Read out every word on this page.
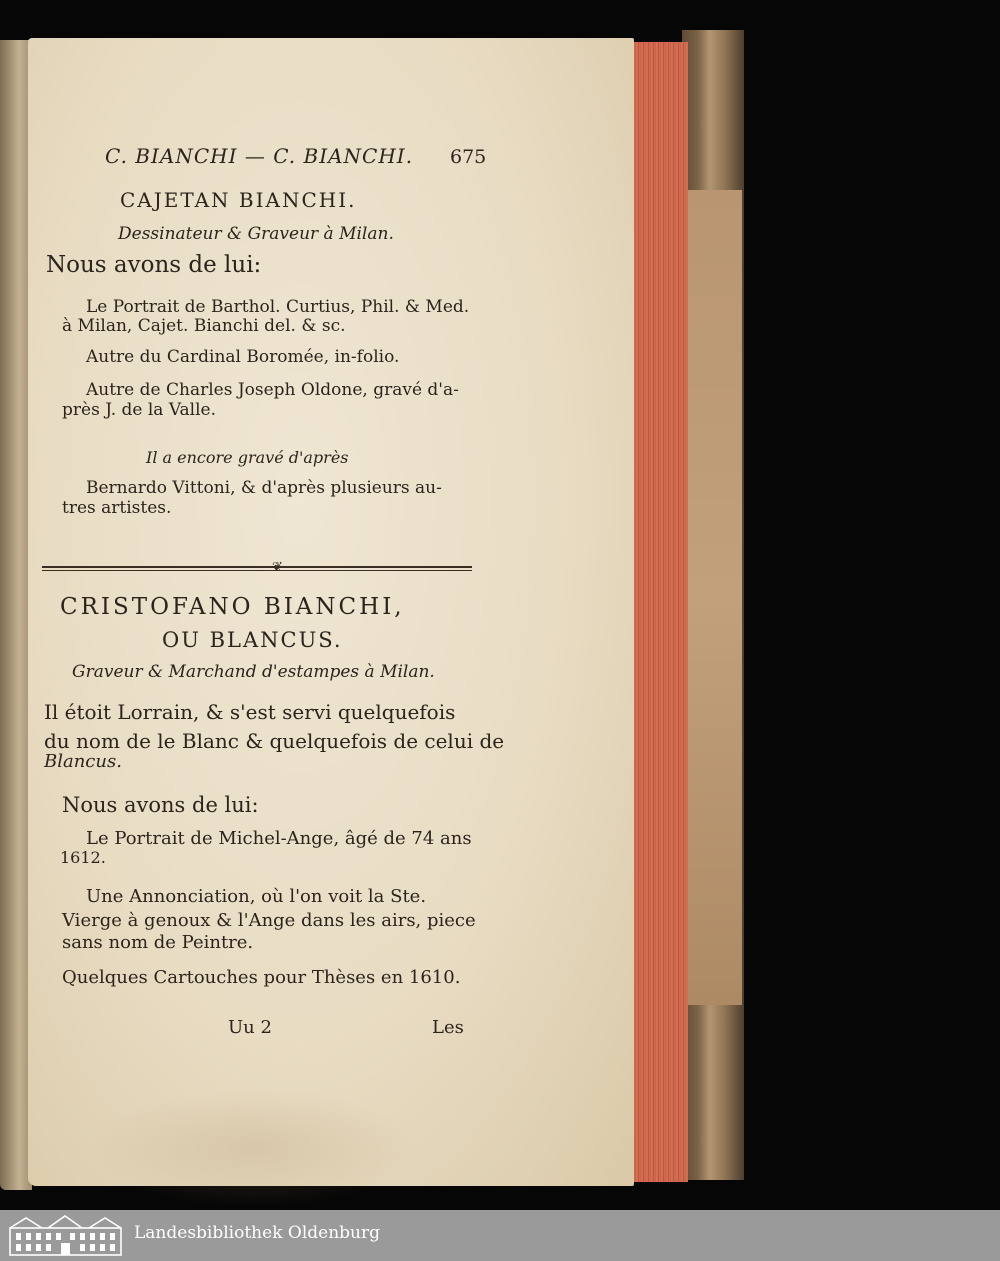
C. BIANCHI — C. BIANCHI. 675

CAJETAN BIANCHI.

Dessinateur & Graveur à Milan.

Nous avons de lui:

Le Portrait de Barthol. Curtius, Phil. & Med.

à Milan, Cajet. Bianchi del. & sc.

Autre du Cardinal Boromée, in-folio.

Autre de Charles Joseph Oldone, gravé d'a-

près J. de la Valle.

Il a encore gravé d'après

Bernardo Vittoni, & d'après plusieurs au-

tres artistes.

❦

CRISTOFANO BIANCHI,

OU BLANCUS.

Graveur & Marchand d'estampes à Milan.

Il étoit Lorrain, & s'est servi quelquefois

du nom de le Blanc & quelquefois de celui de

Blancus.

Nous avons de lui:

Le Portrait de Michel-Ange, âgé de 74 ans

1612.

Une Annonciation, où l'on voit la Ste.

Vierge à genoux & l'Ange dans les airs, piece

sans nom de Peintre.

Quelques Cartouches pour Thèses en 1610.

Uu 2	Les

Landesbibliothek Oldenburg
